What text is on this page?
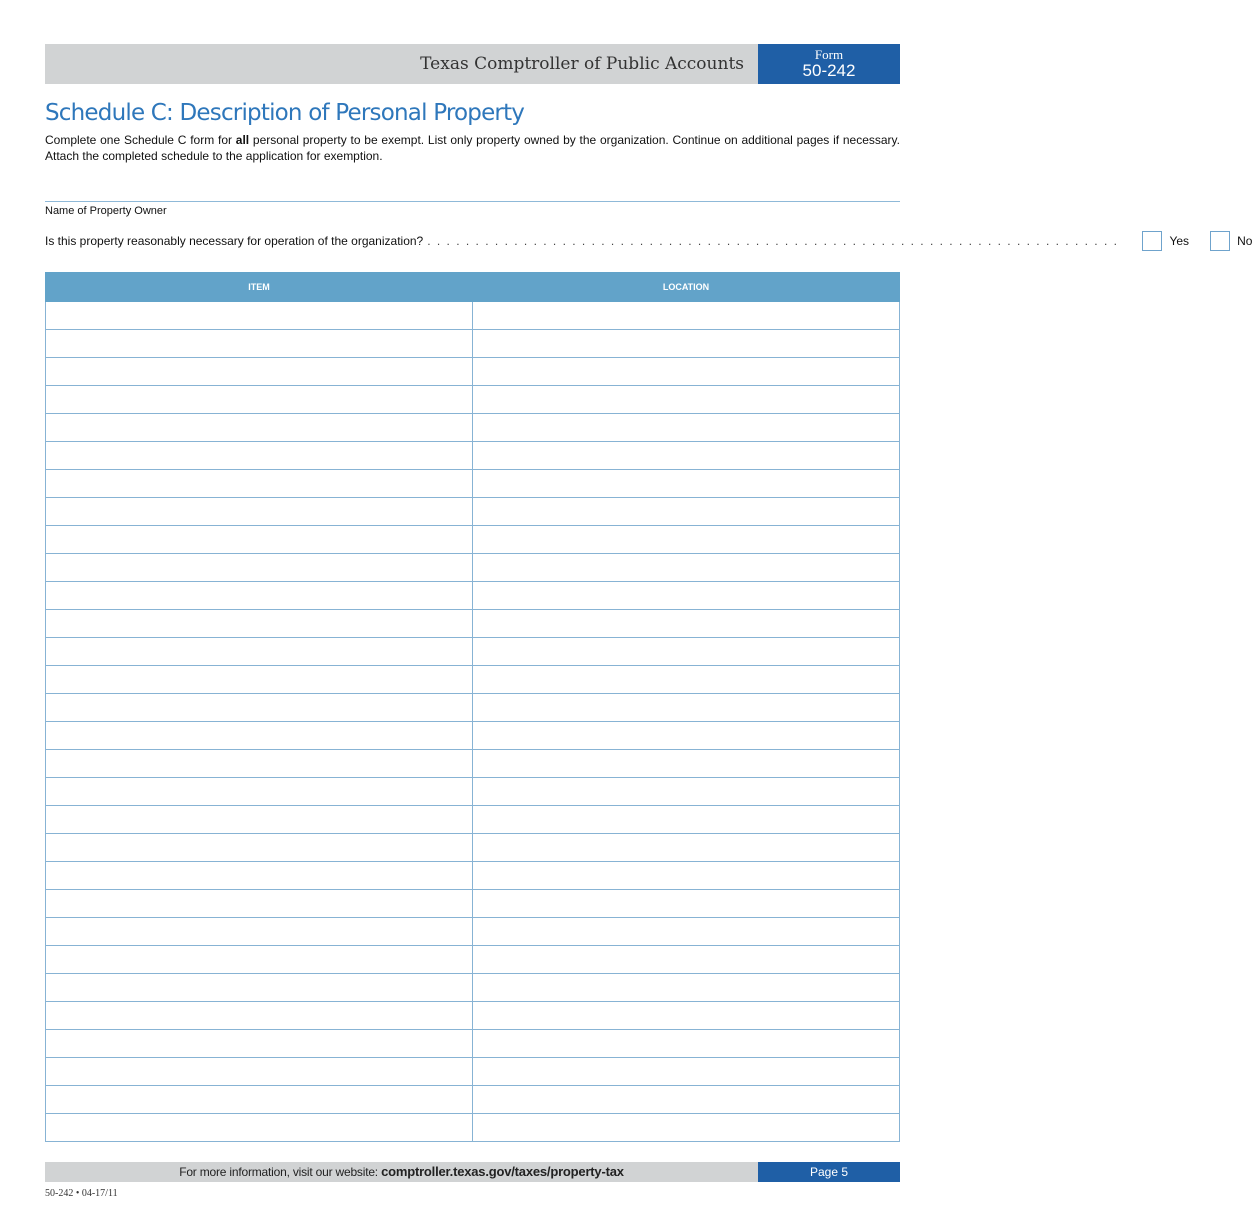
Texas Comptroller of Public Accounts	Form
50-242
Schedule C: Description of Personal Property

Complete one Schedule C form for all personal property to be exempt. List only property owned by the organization. Continue on additional pages if necessary. Attach the completed schedule to the application for exemption.

Name of Property Owner
Is this property reasonably necessary for operation of the organization? . . . . . . . . . . . . . . . . . . . . . . . . . . . . . . . . . . . . . . . . . . . . . . . . . . . . . . . . . . . . . . . . . . . . . . . .	Yes	No
ITEM	LOCATION

For more information, visit our website: comptroller.texas.gov/taxes/property-tax	Page 5
50-242 • 04-17/11
